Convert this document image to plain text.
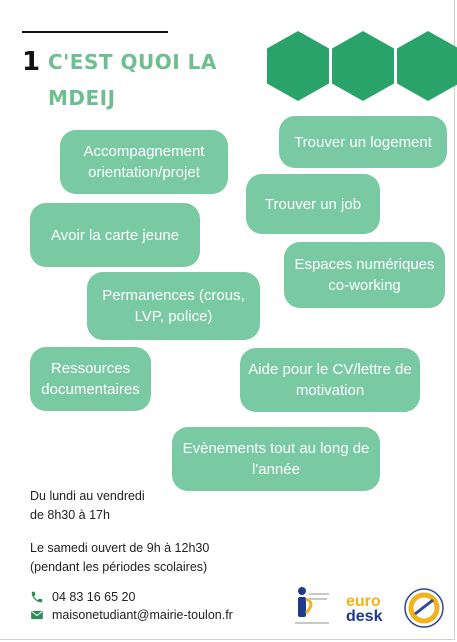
1 C'EST QUOI LA MDEIJ
Accompagnement orientation/projet
Trouver un logement
Trouver un job
Avoir la carte jeune
Espaces numériques co-working
Permanences (crous, LVP, police)
Ressources documentaires
Aide pour le CV/lettre de motivation
Evènements tout au long de l'année
Du lundi au vendredi
de 8h30 à 17h
Le samedi ouvert de 9h à 12h30
(pendant les périodes scolaires)
04 83 16 65 20
maisonetudiant@mairie-toulon.fr
euro
desk
